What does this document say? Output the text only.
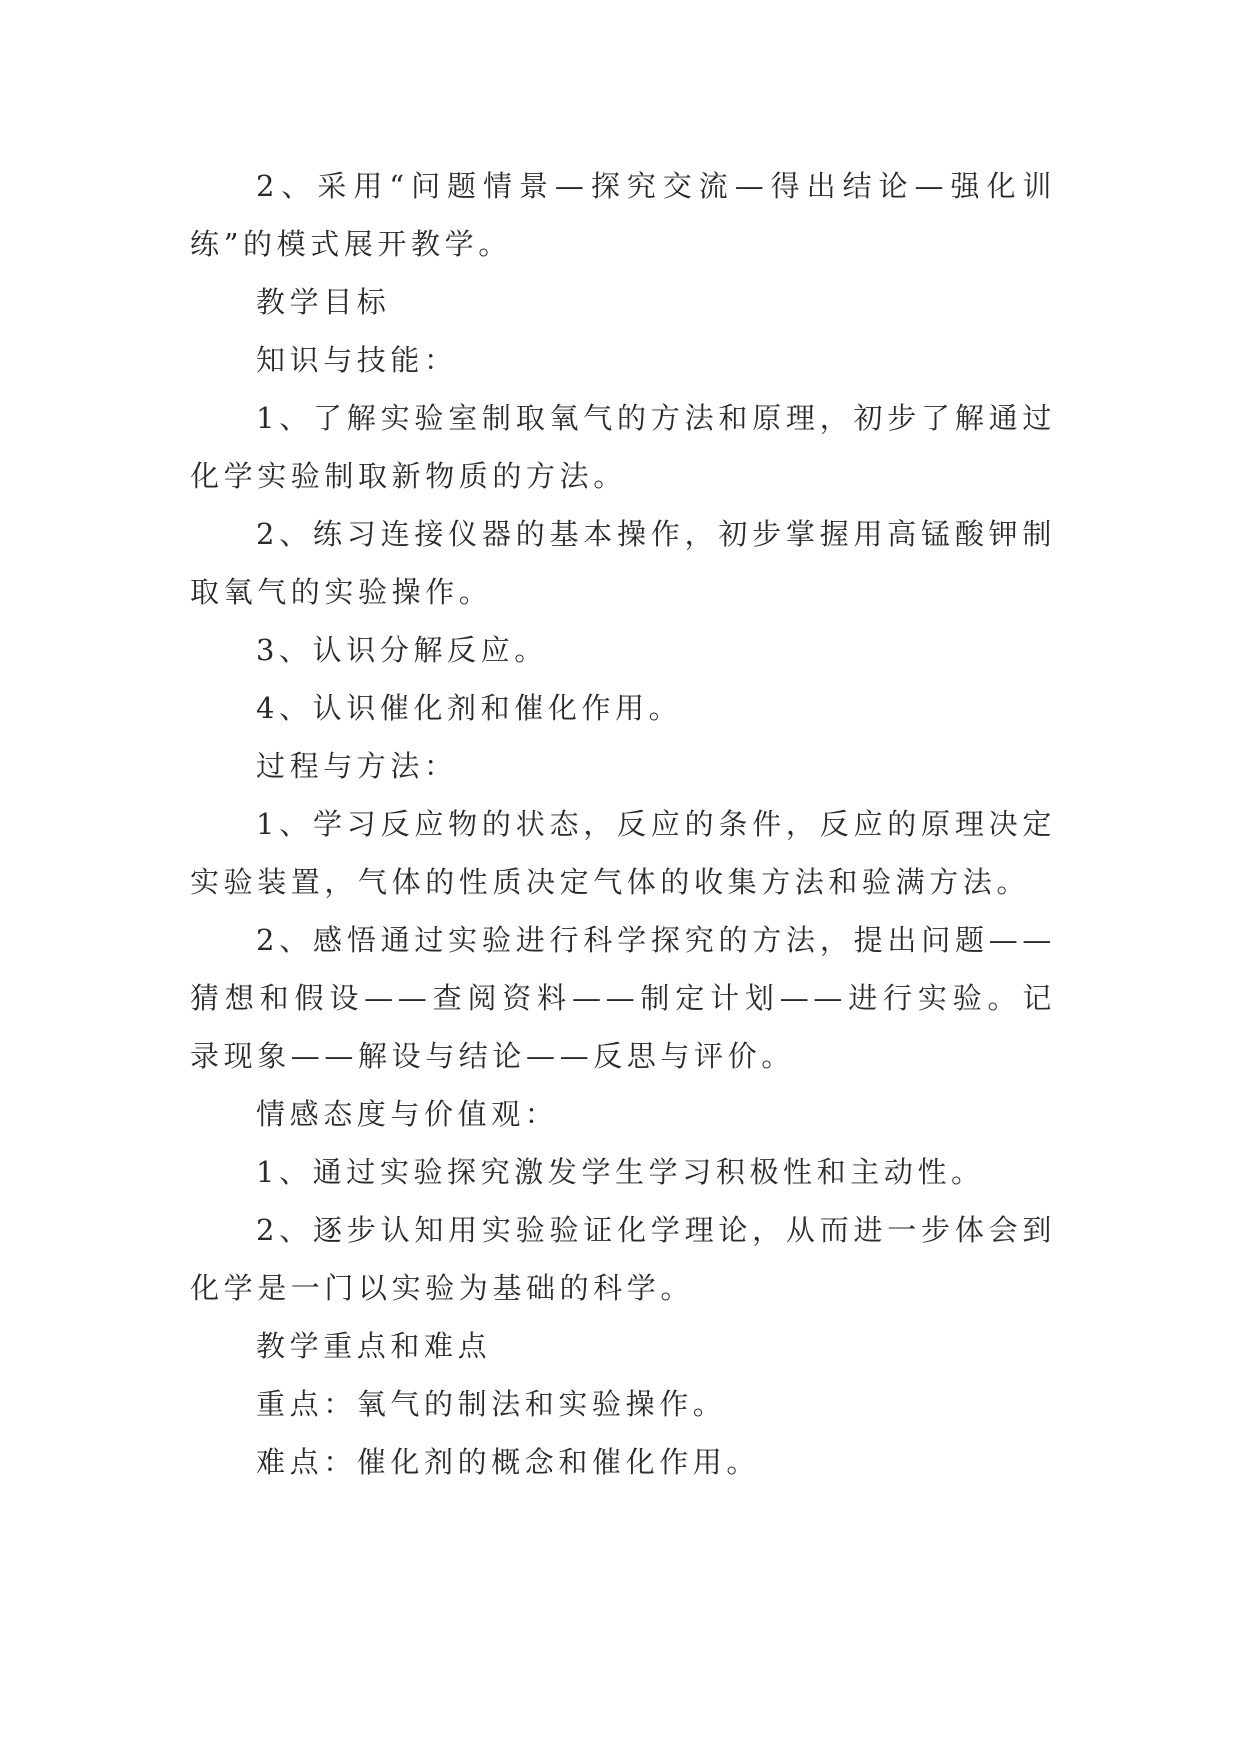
2、采用“问题情景—探究交流—得出结论—强化训练”的模式展开教学。

教学目标

知识与技能：

1、了解实验室制取氧气的方法和原理，初步了解通过化学实验制取新物质的方法。

2、练习连接仪器的基本操作，初步掌握用高锰酸钾制取氧气的实验操作。

3、认识分解反应。

4、认识催化剂和催化作用。

过程与方法：

1、学习反应物的状态，反应的条件，反应的原理决定实验装置，气体的性质决定气体的收集方法和验满方法。

2、感悟通过实验进行科学探究的方法，提出问题——猜想和假设——查阅资料——制定计划——进行实验。记录现象——解设与结论——反思与评价。

情感态度与价值观：

1、通过实验探究激发学生学习积极性和主动性。

2、逐步认知用实验验证化学理论，从而进一步体会到化学是一门以实验为基础的科学。

教学重点和难点

重点：氧气的制法和实验操作。

难点：催化剂的概念和催化作用。
